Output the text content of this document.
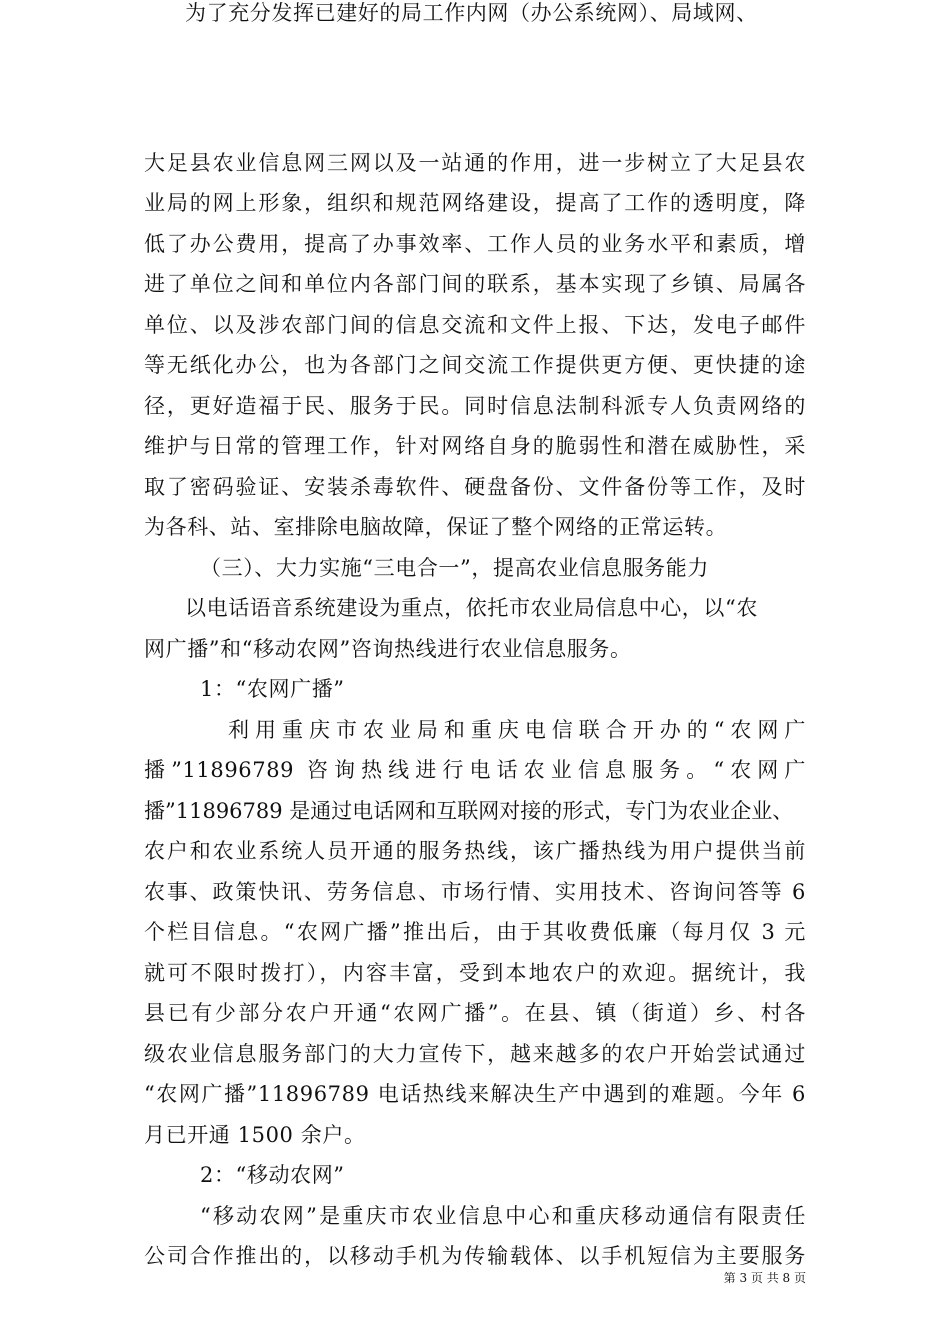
为了充分发挥已建好的局工作内网（办公系统网）、局域网、
大足县农业信息网三网以及一站通的作用，进一步树立了大足县农
业局的网上形象，组织和规范网络建设，提高了工作的透明度，降
低了办公费用，提高了办事效率、工作人员的业务水平和素质，增
进了单位之间和单位内各部门间的联系，基本实现了乡镇、局属各
单位、以及涉农部门间的信息交流和文件上报、下达，发电子邮件
等无纸化办公，也为各部门之间交流工作提供更方便、更快捷的途
径，更好造福于民、服务于民。同时信息法制科派专人负责网络的
维护与日常的管理工作，针对网络自身的脆弱性和潜在威胁性，采
取了密码验证、安装杀毒软件、硬盘备份、文件备份等工作，及时
为各科、站、室排除电脑故障，保证了整个网络的正常运转。
（三）、大力实施“三电合一”，提高农业信息服务能力
以电话语音系统建设为重点，依托市农业局信息中心，以“农
网广播”和“移动农网”咨询热线进行农业信息服务。
1：“农网广播”
利用重庆市农业局和重庆电信联合开办的“农网广
播”11896789 咨询热线进行电话农业信息服务。“农网广
播”11896789 是通过电话网和互联网对接的形式，专门为农业企业、
农户和农业系统人员开通的服务热线，该广播热线为用户提供当前
农事、政策快讯、劳务信息、市场行情、实用技术、咨询问答等 6
个栏目信息。“农网广播”推出后，由于其收费低廉（每月仅 3 元
就可不限时拨打），内容丰富，受到本地农户的欢迎。据统计，我
县已有少部分农户开通“农网广播”。在县、镇（街道）乡、村各
级农业信息服务部门的大力宣传下，越来越多的农户开始尝试通过
“农网广播”11896789 电话热线来解决生产中遇到的难题。今年 6
月已开通 1500 余户。
2：“移动农网”
“移动农网”是重庆市农业信息中心和重庆移动通信有限责任
公司合作推出的，以移动手机为传输载体、以手机短信为主要服务
第 3 页 共 8 页
